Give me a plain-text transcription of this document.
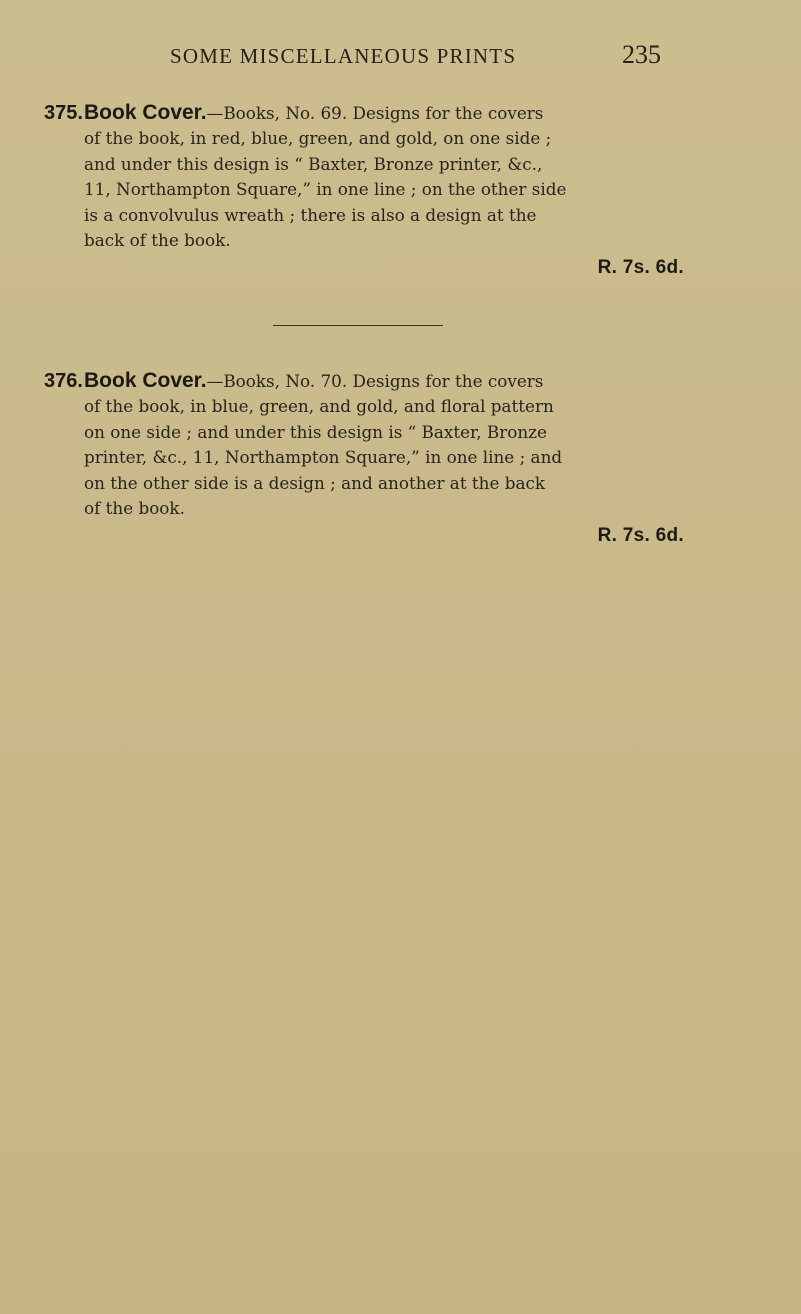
SOME MISCELLANEOUS PRINTS	235

375.Book Cover.—Books, No. 69. Designs for the covers
of the book, in red, blue, green, and gold, on one side ;
and under this design is “ Baxter, Bronze printer, &c.,
11, Northampton Square,” in one line ; on the other side
is a convolvulus wreath ; there is also a design at the
back of the book.

R. 7s. 6d.

376.Book Cover.—Books, No. 70. Designs for the covers
of the book, in blue, green, and gold, and floral pattern
on one side ; and under this design is “ Baxter, Bronze
printer, &c., 11, Northampton Square,” in one line ; and
on the other side is a design ; and another at the back
of the book.

R. 7s. 6d.
